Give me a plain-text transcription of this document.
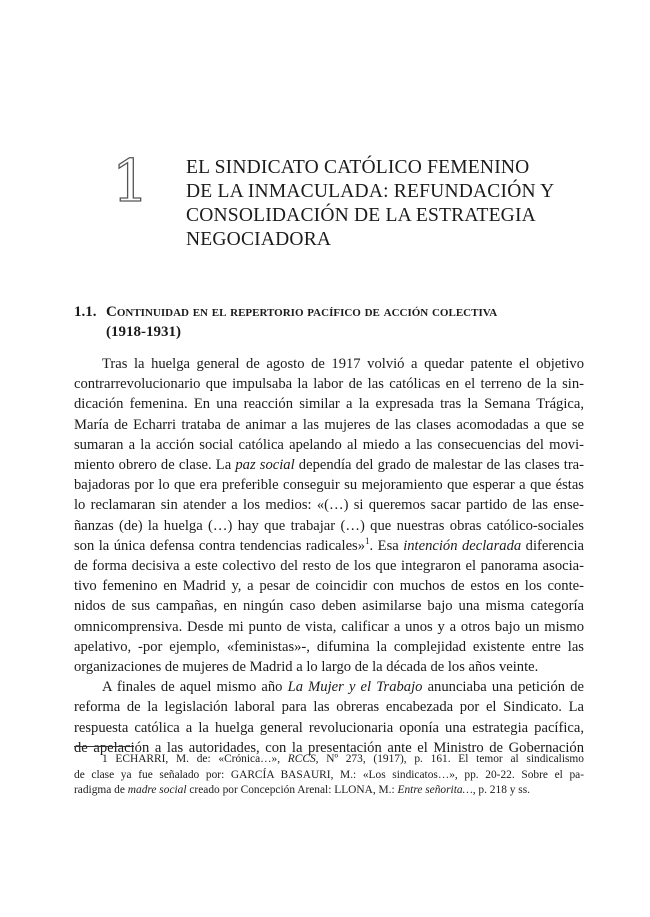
1 EL SINDICATO CATÓLICO FEMENINO
DE LA INMACULADA: REFUNDACIÓN Y
CONSOLIDACIÓN DE LA ESTRATEGIA
NEGOCIADORA
1.1. Continuidad en el repertorio pacífico de acción colectiva
(1918-1931)
Tras la huelga general de agosto de 1917 volvió a quedar patente el objetivo
contrarrevolucionario que impulsaba la labor de las católicas en el terreno de la sin-
dicación femenina. En una reacción similar a la expresada tras la Semana Trágica,
María de Echarri trataba de animar a las mujeres de las clases acomodadas a que se
sumaran a la acción social católica apelando al miedo a las consecuencias del movi-
miento obrero de clase. La paz social dependía del grado de malestar de las clases tra-
bajadoras por lo que era preferible conseguir su mejoramiento que esperar a que éstas
lo reclamaran sin atender a los medios: «(…) si queremos sacar partido de las ense-
ñanzas (de) la huelga (…) hay que trabajar (…) que nuestras obras católico-sociales
son la única defensa contra tendencias radicales»$^1$. Esa intención declarada diferencia
de forma decisiva a este colectivo del resto de los que integraron el panorama asocia-
tivo femenino en Madrid y, a pesar de coincidir con muchos de estos en los conte-
nidos de sus campañas, en ningún caso deben asimilarse bajo una misma categoría
omnicomprensiva. Desde mi punto de vista, calificar a unos y a otros bajo un mismo
apelativo, -por ejemplo, «feministas»-, difumina la complejidad existente entre las
organizaciones de mujeres de Madrid a lo largo de la década de los años veinte.
A finales de aquel mismo año La Mujer y el Trabajo anunciaba una petición de
reforma de la legislación laboral para las obreras encabezada por el Sindicato. La
respuesta católica a la huelga general revolucionaria oponía una estrategia pacífica,
de apelación a las autoridades, con la presentación ante el Ministro de Gobernación
1 ECHARRI, M. de: «Crónica…», RCCS, Nº 273, (1917), p. 161. El temor al sindicalismo
de clase ya fue señalado por: GARCÍA BASAURI, M.: «Los sindicatos…», pp. 20-22. Sobre el pa-
radigma de madre social creado por Concepción Arenal: LLONA, M.: Entre señorita…, p. 218 y ss.
